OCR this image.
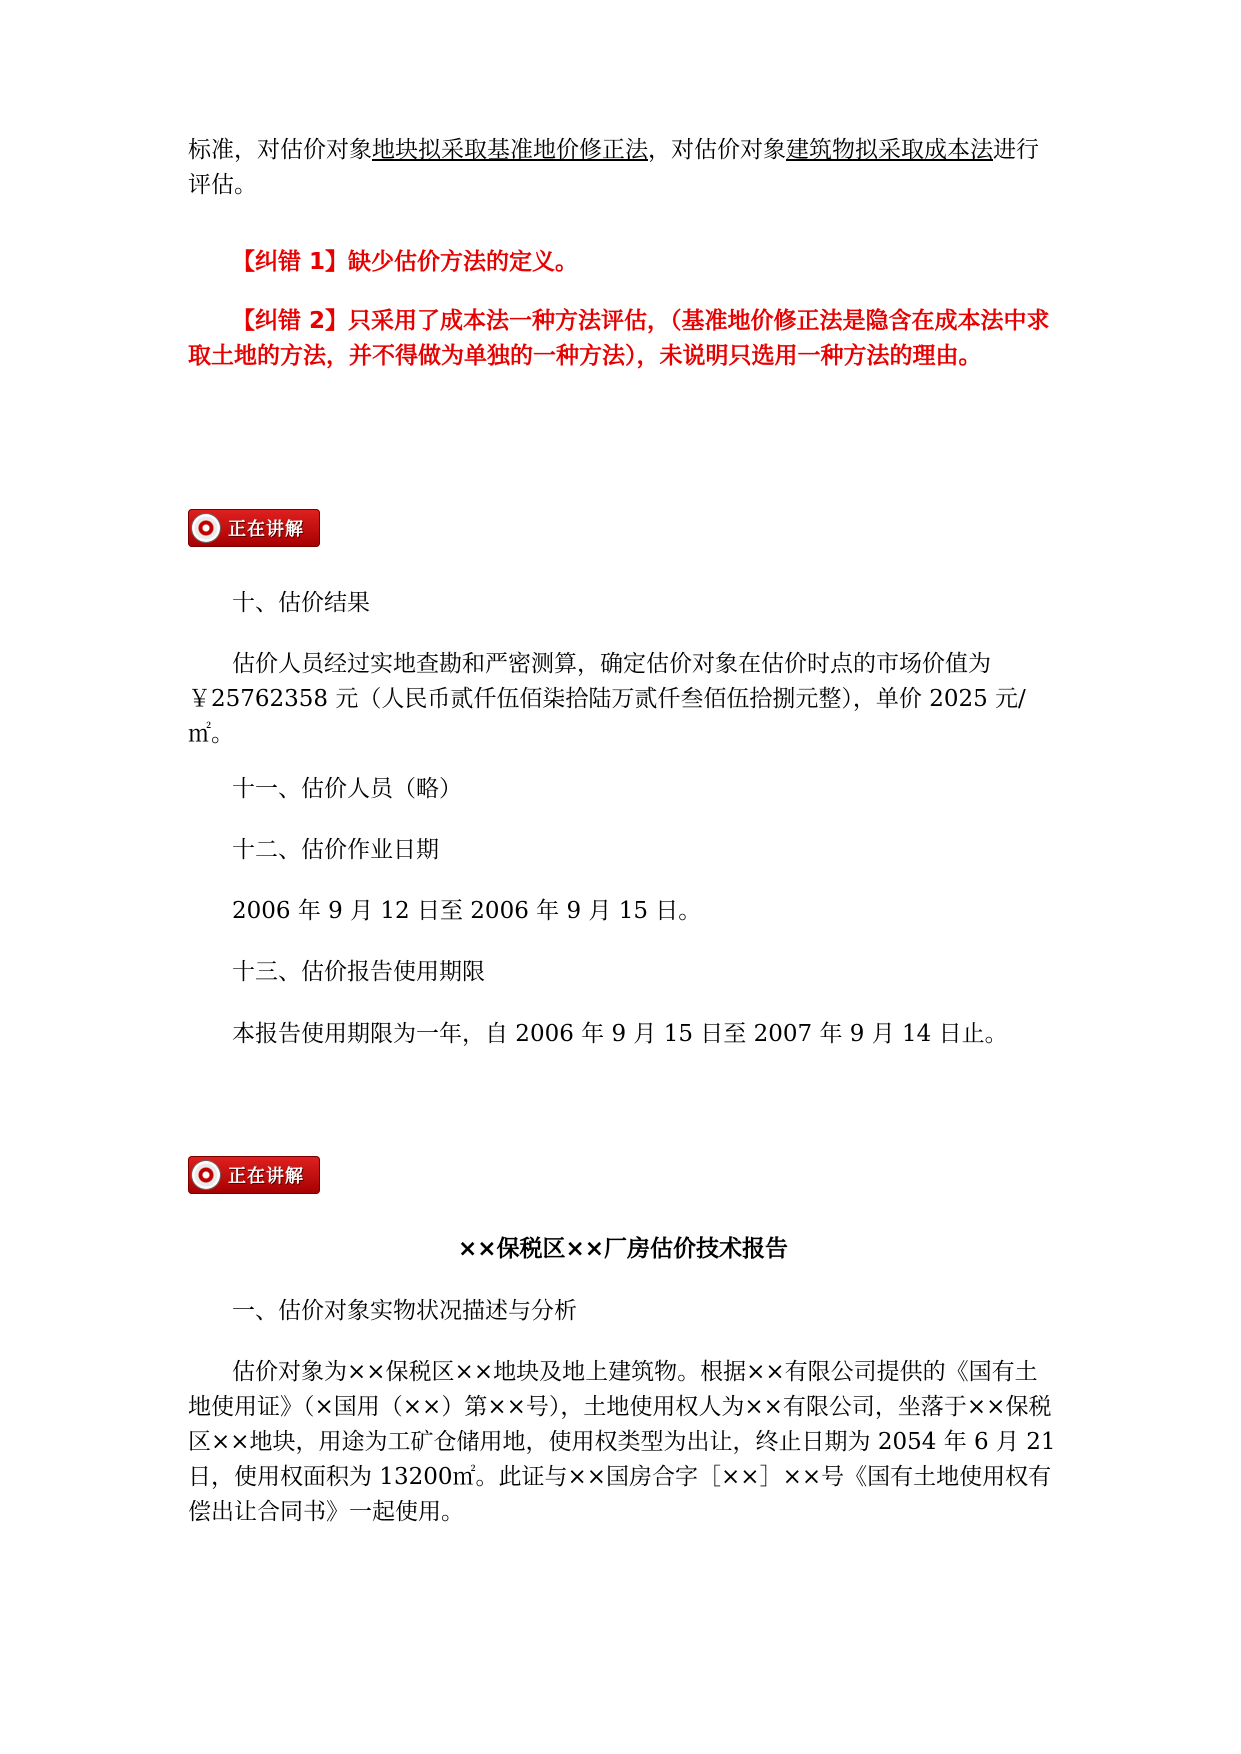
标准，对估价对象地块拟采取基准地价修正法，对估价对象建筑物拟采取成本法进行评估。

【纠错 1】缺少估价方法的定义。

【纠错 2】只采用了成本法一种方法评估，（基准地价修正法是隐含在成本法中求取土地的方法，并不得做为单独的一种方法），未说明只选用一种方法的理由。

正在讲解

十、估价结果

估价人员经过实地查勘和严密测算，确定估价对象在估价时点的市场价值为￥25762358 元（人民币贰仟伍佰柒拾陆万贰仟叁佰伍拾捌元整），单价 2025 元/㎡。

十一、估价人员（略）

十二、估价作业日期

2006 年 9 月 12 日至 2006 年 9 月 15 日。

十三、估价报告使用期限

本报告使用期限为一年，自 2006 年 9 月 15 日至 2007 年 9 月 14 日止。

正在讲解

××保税区××厂房估价技术报告

一、估价对象实物状况描述与分析

估价对象为××保税区××地块及地上建筑物。根据××有限公司提供的《国有土地使用证》（×国用（××）第××号），土地使用权人为××有限公司，坐落于××保税区××地块，用途为工矿仓储用地，使用权类型为出让，终止日期为 2054 年 6 月 21 日，使用权面积为 13200㎡。此证与××国房合字［××］××号《国有土地使用权有偿出让合同书》一起使用。
